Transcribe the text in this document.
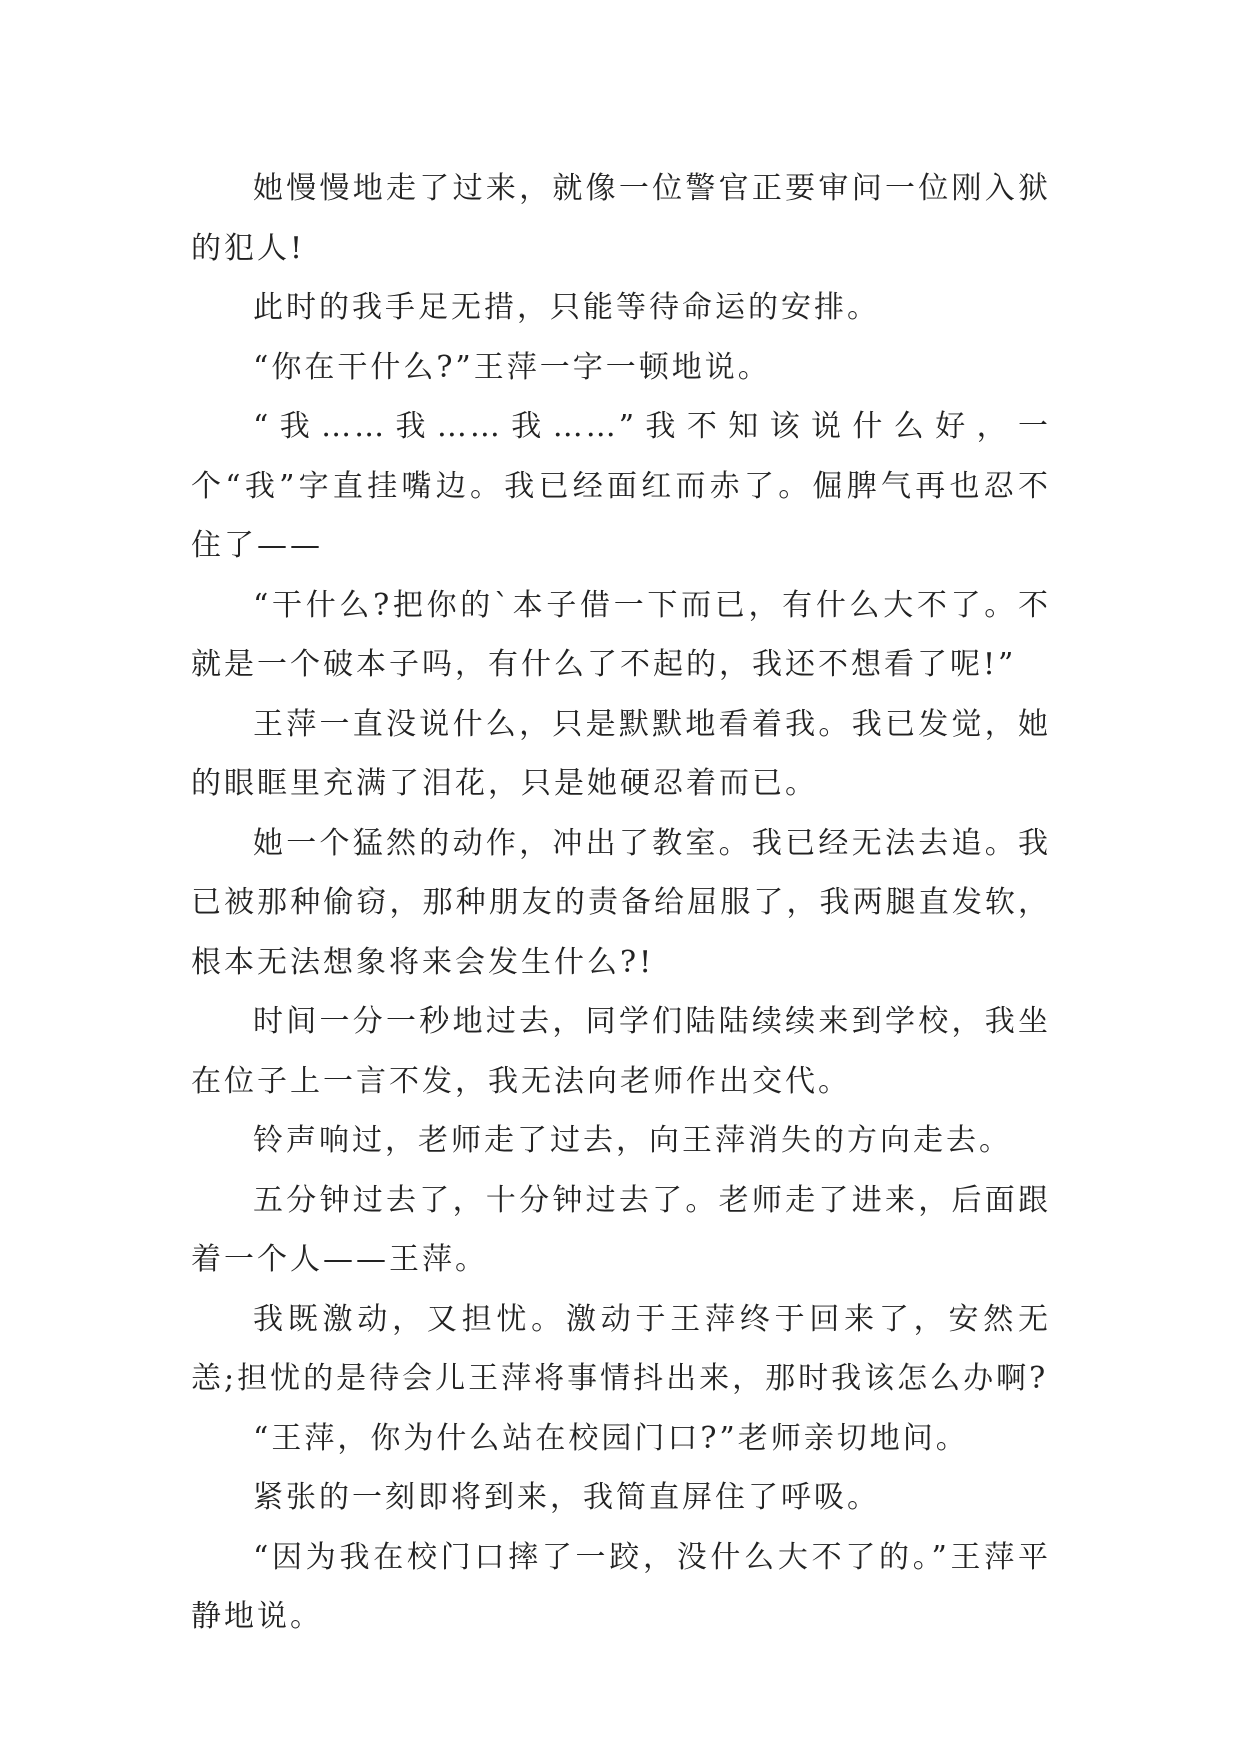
她慢慢地走了过来，就像一位警官正要审问一位刚入狱的犯人!

此时的我手足无措，只能等待命运的安排。

“你在干什么?”王萍一字一顿地说。

“我……我……我……”我不知该说什么好，一个“我”字直挂嘴边。我已经面红而赤了。倔脾气再也忍不住了——

“干什么?把你的`本子借一下而已，有什么大不了。不就是一个破本子吗，有什么了不起的，我还不想看了呢!”

王萍一直没说什么，只是默默地看着我。我已发觉，她的眼眶里充满了泪花，只是她硬忍着而已。

她一个猛然的动作，冲出了教室。我已经无法去追。我已被那种偷窃，那种朋友的责备给屈服了，我两腿直发软，根本无法想象将来会发生什么?!

时间一分一秒地过去，同学们陆陆续续来到学校，我坐在位子上一言不发，我无法向老师作出交代。

铃声响过，老师走了过去，向王萍消失的方向走去。

五分钟过去了，十分钟过去了。老师走了进来，后面跟着一个人——王萍。

我既激动，又担忧。激动于王萍终于回来了，安然无恙;担忧的是待会儿王萍将事情抖出来，那时我该怎么办啊?

“王萍，你为什么站在校园门口?”老师亲切地问。

紧张的一刻即将到来，我简直屏住了呼吸。

“因为我在校门口摔了一跤，没什么大不了的。”王萍平静地说。
